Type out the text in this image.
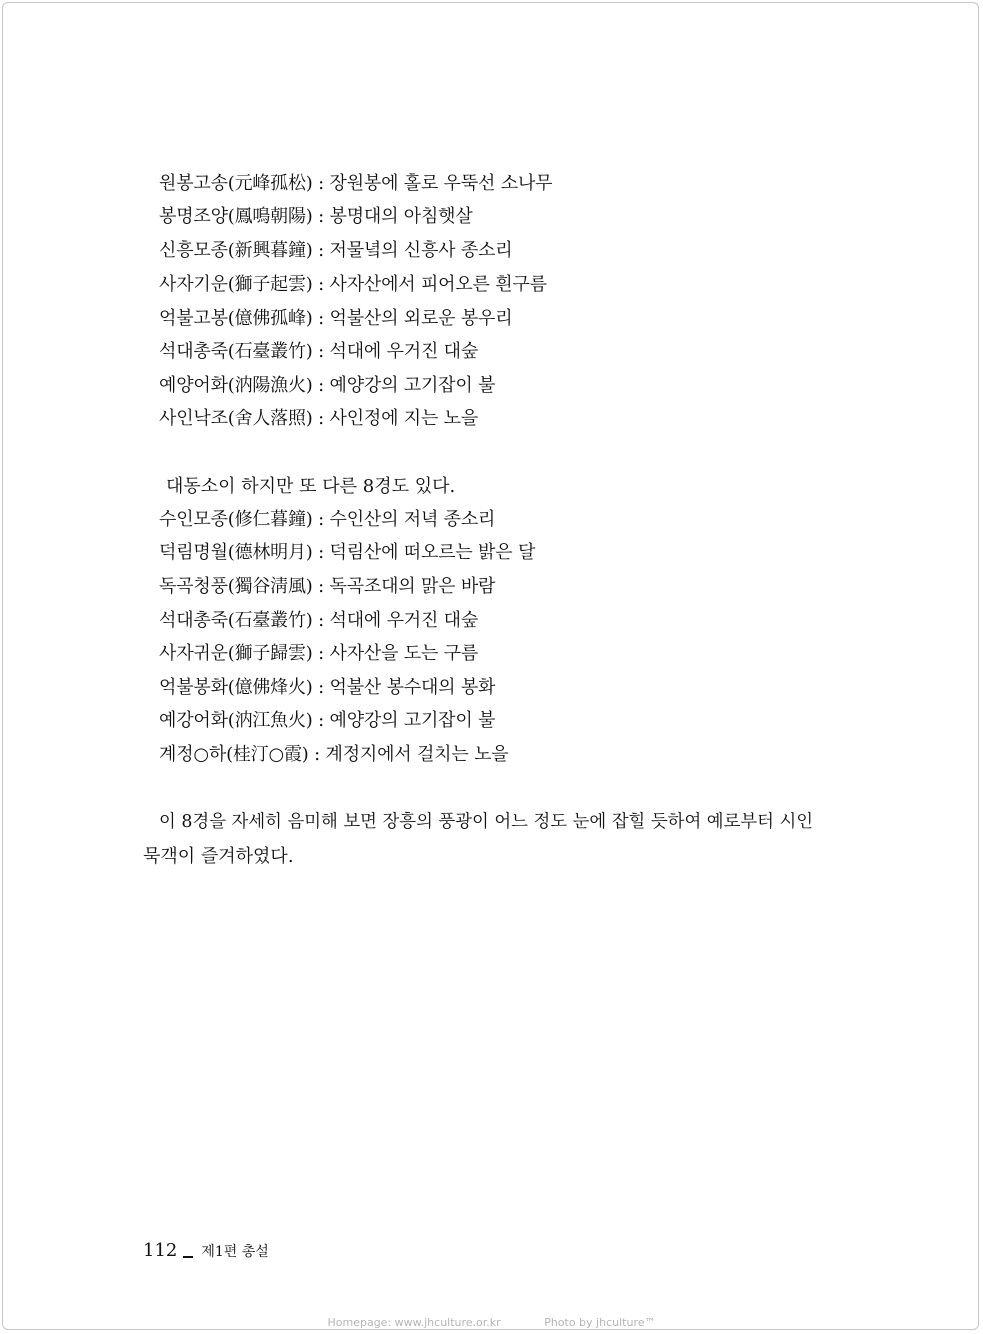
원봉고송(元峰孤松) : 장원봉에 홀로 우뚝선 소나무
봉명조양(鳳鳴朝陽) : 봉명대의 아침햇살
신흥모종(新興暮鐘) : 저물녘의 신흥사 종소리
사자기운(獅子起雲) : 사자산에서 피어오른 흰구름
억불고봉(億佛孤峰) : 억불산의 외로운 봉우리
석대총죽(石臺叢竹) : 석대에 우거진 대숲
예양어화(汭陽漁火) : 예양강의 고기잡이 불
사인낙조(舍人落照) : 사인정에 지는 노을
대동소이 하지만 또 다른 8경도 있다.
수인모종(修仁暮鐘) : 수인산의 저녁 종소리
덕림명월(德林明月) : 덕림산에 떠오르는 밝은 달
독곡청풍(獨谷淸風) : 독곡조대의 맑은 바람
석대총죽(石臺叢竹) : 석대에 우거진 대숲
사자귀운(獅子歸雲) : 사자산을 도는 구름
억불봉화(億佛烽火) : 억불산 봉수대의 봉화
예강어화(汭江魚火) : 예양강의 고기잡이 불
계정○하(桂汀○霞) : 계정지에서 걸치는 노을
이 8경을 자세히 음미해 보면 장흥의 풍광이 어느 정도 눈에 잡힐 듯하여 예로부터 시인
묵객이 즐겨하였다.
112 제1편 총설
Homepage: www.jhculture.or.kr	Photo by jhculture™
